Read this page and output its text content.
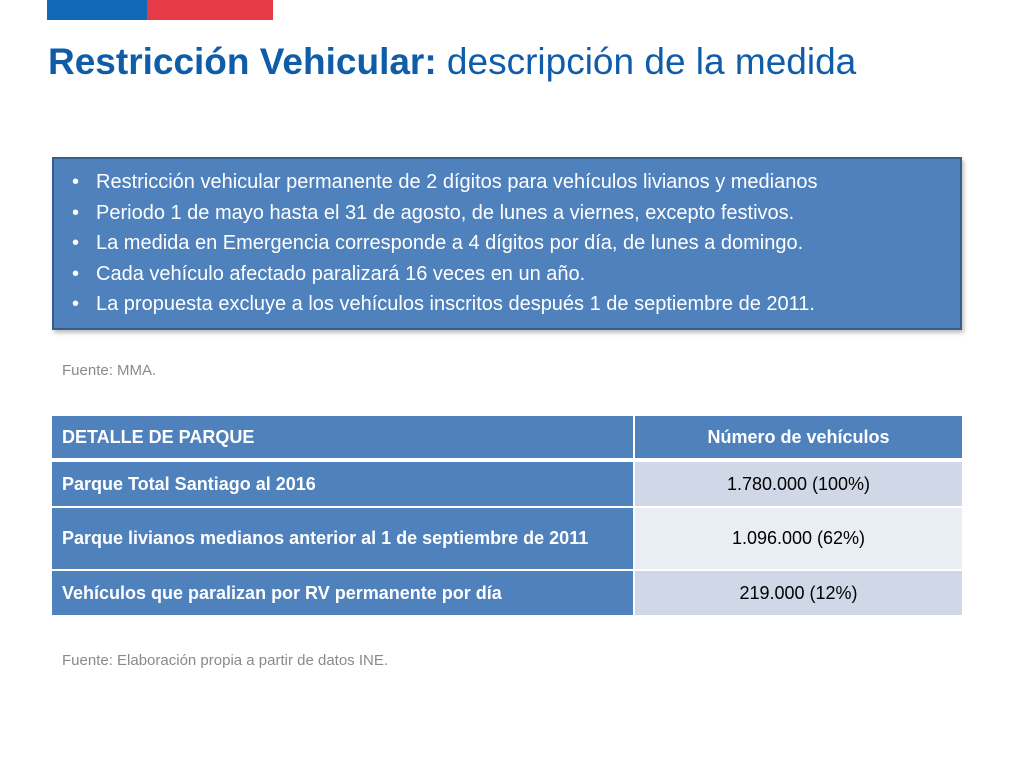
Restricción Vehicular: descripción de la medida
• Restricción vehicular permanente de 2 dígitos para vehículos livianos y medianos
• Periodo 1 de mayo hasta el 31 de agosto, de lunes a viernes, excepto festivos.
• La medida en Emergencia corresponde a 4 dígitos por día, de lunes a domingo.
• Cada vehículo afectado paralizará 16 veces en un año.
• La propuesta excluye a los vehículos inscritos después 1 de septiembre de 2011.
Fuente: MMA.
DETALLE DE PARQUE	Número de vehículos
Parque Total Santiago al 2016	1.780.000 (100%)
Parque livianos medianos anterior al 1 de septiembre de 2011	1.096.000 (62%)
Vehículos que paralizan por RV permanente por día	219.000 (12%)
Fuente: Elaboración propia a partir de datos INE.
